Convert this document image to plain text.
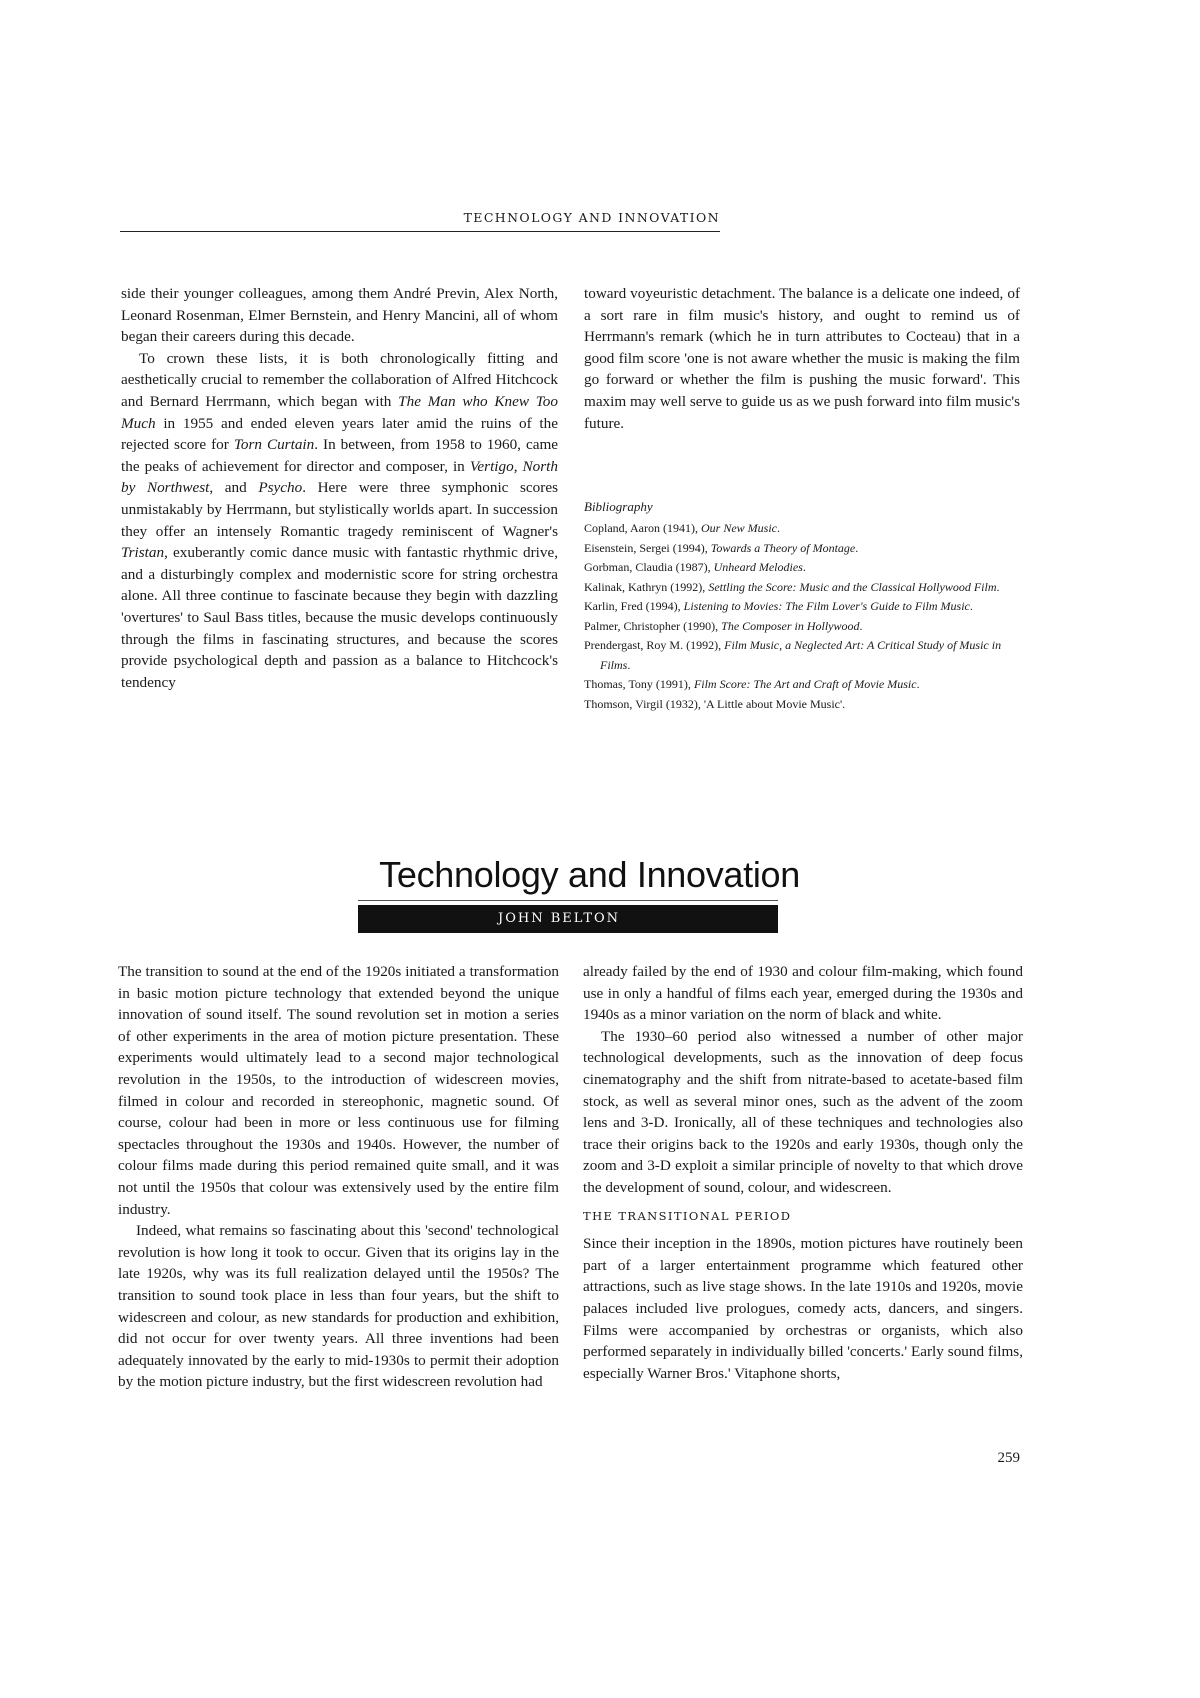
TECHNOLOGY AND INNOVATION

side their younger colleagues, among them André Previn, Alex North, Leonard Rosenman, Elmer Bernstein, and Henry Mancini, all of whom began their careers during this decade.

To crown these lists, it is both chronologically fitting and aesthetically crucial to remember the collaboration of Alfred Hitchcock and Bernard Herrmann, which began with The Man who Knew Too Much in 1955 and ended eleven years later amid the ruins of the rejected score for Torn Curtain. In between, from 1958 to 1960, came the peaks of achievement for director and composer, in Vertigo, North by Northwest, and Psycho. Here were three symphonic scores unmistakably by Herrmann, but stylistically worlds apart. In succession they offer an intensely Romantic tragedy reminiscent of Wagner's Tristan, exuberantly comic dance music with fantastic rhythmic drive, and a disturbingly complex and modernistic score for string orchestra alone. All three continue to fascinate because they begin with dazzling 'overtures' to Saul Bass titles, because the music develops continuously through the films in fascinating structures, and because the scores provide psychological depth and passion as a balance to Hitchcock's tendency

toward voyeuristic detachment. The balance is a delicate one indeed, of a sort rare in film music's history, and ought to remind us of Herrmann's remark (which he in turn attributes to Cocteau) that in a good film score 'one is not aware whether the music is making the film go forward or whether the film is pushing the music forward'. This maxim may well serve to guide us as we push forward into film music's future.

Bibliography
Copland, Aaron (1941), Our New Music.
Eisenstein, Sergei (1994), Towards a Theory of Montage.
Gorbman, Claudia (1987), Unheard Melodies.
Kalinak, Kathryn (1992), Settling the Score: Music and the Classical Hollywood Film.
Karlin, Fred (1994), Listening to Movies: The Film Lover's Guide to Film Music.
Palmer, Christopher (1990), The Composer in Hollywood.
Prendergast, Roy M. (1992), Film Music, a Neglected Art: A Critical Study of Music in Films.
Thomas, Tony (1991), Film Score: The Art and Craft of Movie Music.
Thomson, Virgil (1932), 'A Little about Movie Music'.
Technology and Innovation
JOHN BELTON

The transition to sound at the end of the 1920s initiated a transformation in basic motion picture technology that extended beyond the unique innovation of sound itself. The sound revolution set in motion a series of other experiments in the area of motion picture presentation. These experiments would ultimately lead to a second major technological revolution in the 1950s, to the introduction of widescreen movies, filmed in colour and recorded in stereophonic, magnetic sound. Of course, colour had been in more or less continuous use for filming spectacles throughout the 1930s and 1940s. However, the number of colour films made during this period remained quite small, and it was not until the 1950s that colour was extensively used by the entire film industry.

Indeed, what remains so fascinating about this 'second' technological revolution is how long it took to occur. Given that its origins lay in the late 1920s, why was its full realization delayed until the 1950s? The transition to sound took place in less than four years, but the shift to widescreen and colour, as new standards for production and exhibition, did not occur for over twenty years. All three inventions had been adequately innovated by the early to mid-1930s to permit their adoption by the motion picture industry, but the first widescreen revolution had

already failed by the end of 1930 and colour film-making, which found use in only a handful of films each year, emerged during the 1930s and 1940s as a minor variation on the norm of black and white.

The 1930–60 period also witnessed a number of other major technological developments, such as the innovation of deep focus cinematography and the shift from nitrate-based to acetate-based film stock, as well as several minor ones, such as the advent of the zoom lens and 3-D. Ironically, all of these techniques and technologies also trace their origins back to the 1920s and early 1930s, though only the zoom and 3-D exploit a similar principle of novelty to that which drove the development of sound, colour, and widescreen.

THE TRANSITIONAL PERIOD

Since their inception in the 1890s, motion pictures have routinely been part of a larger entertainment programme which featured other attractions, such as live stage shows. In the late 1910s and 1920s, movie palaces included live prologues, comedy acts, dancers, and singers. Films were accompanied by orchestras or organists, which also performed separately in individually billed 'concerts.' Early sound films, especially Warner Bros.' Vitaphone shorts,

259
